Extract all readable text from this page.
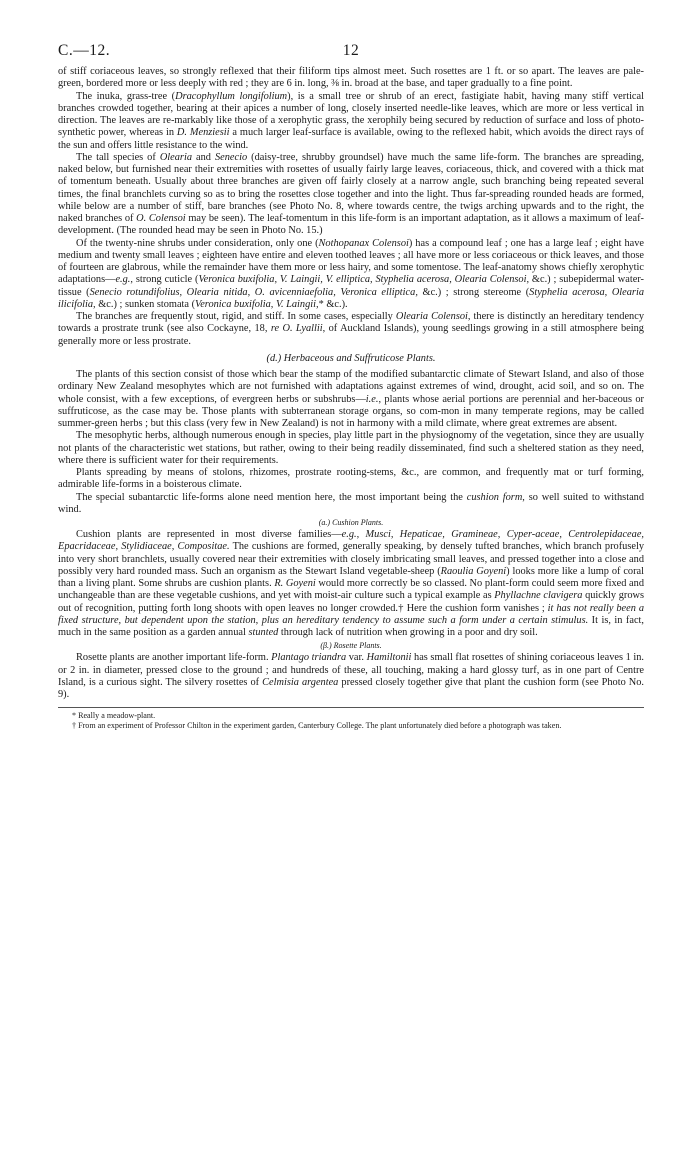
C.—12.	12

of stiff coriaceous leaves, so strongly reflexed that their filiform tips almost meet. Such rosettes are 1 ft. or so apart. The leaves are pale-green, bordered more or less deeply with red ; they are 6 in. long, ⅜ in. broad at the base, and taper gradually to a fine point.

The inuka, grass-tree (Dracophyllum longifolium), is a small tree or shrub of an erect, fastigiate habit, having many stiff vertical branches crowded together, bearing at their apices a number of long, closely inserted needle-like leaves, which are more or less vertical in direction. The leaves are re-markably like those of a xerophytic grass, the xerophily being secured by reduction of surface and loss of photo-synthetic power, whereas in D. Menziesii a much larger leaf-surface is available, owing to the reflexed habit, which avoids the direct rays of the sun and offers little resistance to the wind.

The tall species of Olearia and Senecio (daisy-tree, shrubby groundsel) have much the same life-form. The branches are spreading, naked below, but furnished near their extremities with rosettes of usually fairly large leaves, coriaceous, thick, and covered with a thick mat of tomentum beneath. Usually about three branches are given off fairly closely at a narrow angle, such branching being repeated several times, the final branchlets curving so as to bring the rosettes close together and into the light. Thus far-spreading rounded heads are formed, while below are a number of stiff, bare branches (see Photo No. 8, where towards centre, the twigs arching upwards and to the right, the naked branches of O. Colensoi may be seen). The leaf-tomentum in this life-form is an important adaptation, as it allows a maximum of leaf-development. (The rounded head may be seen in Photo No. 15.)

Of the twenty-nine shrubs under consideration, only one (Nothopanax Colensoi) has a compound leaf ; one has a large leaf ; eight have medium and twenty small leaves ; eighteen have entire and eleven toothed leaves ; all have more or less coriaceous or thick leaves, and those of fourteen are glabrous, while the remainder have them more or less hairy, and some tomentose. The leaf-anatomy shows chiefly xerophytic adaptations—e.g., strong cuticle (Veronica buxifolia, V. Laingii, V. elliptica, Styphelia acerosa, Olearia Colensoi, &c.) ; subepidermal water-tissue (Senecio rotundifolius, Olearia nitida, O. avicenniaefolia, Veronica elliptica, &c.) ; strong stereome (Styphelia acerosa, Olearia ilicifolia, &c.) ; sunken stomata (Veronica buxifolia, V. Laingii,* &c.).

The branches are frequently stout, rigid, and stiff. In some cases, especially Olearia Colensoi, there is distinctly an hereditary tendency towards a prostrate trunk (see also Cockayne, 18, re O. Lyallii, of Auckland Islands), young seedlings growing in a still atmosphere being generally more or less prostrate.

(d.) Herbaceous and Suffruticose Plants.

The plants of this section consist of those which bear the stamp of the modified subantarctic climate of Stewart Island, and also of those ordinary New Zealand mesophytes which are not furnished with adaptations against extremes of wind, drought, acid soil, and so on. The whole consist, with a few exceptions, of evergreen herbs or subshrubs—i.e., plants whose aerial portions are perennial and her-baceous or suffruticose, as the case may be. Those plants with subterranean storage organs, so com-mon in many temperate regions, may be called summer-green herbs ; but this class (very few in New Zealand) is not in harmony with a mild climate, where great extremes are absent.

The mesophytic herbs, although numerous enough in species, play little part in the physiognomy of the vegetation, since they are usually not plants of the characteristic wet stations, but rather, owing to their being readily disseminated, find such a sheltered station as they need, where there is sufficient water for their requirements.

Plants spreading by means of stolons, rhizomes, prostrate rooting-stems, &c., are common, and frequently mat or turf forming, admirable life-forms in a boisterous climate.

The special subantarctic life-forms alone need mention here, the most important being the cushion form, so well suited to withstand wind.

(a.) Cushion Plants.

Cushion plants are represented in most diverse families—e.g., Musci, Hepaticae, Gramineae, Cyper-aceae, Centrolepidaceae, Epacridaceae, Stylidiaceae, Compositae. The cushions are formed, generally speaking, by densely tufted branches, which branch profusely into very short branchlets, usually covered near their extremities with closely imbricating small leaves, and pressed together into a close and possibly very hard rounded mass. Such an organism as the Stewart Island vegetable-sheep (Raoulia Goyeni) looks more like a lump of coral than a living plant. Some shrubs are cushion plants. R. Goyeni would more correctly be so classed. No plant-form could seem more fixed and unchangeable than are these vegetable cushions, and yet with moist-air culture such a typical example as Phyllachne clavigera quickly grows out of recognition, putting forth long shoots with open leaves no longer crowded.† Here the cushion form vanishes ; it has not really been a fixed structure, but dependent upon the station, plus an hereditary tendency to assume such a form under a certain stimulus. It is, in fact, much in the same position as a garden annual stunted through lack of nutrition when growing in a poor and dry soil.

(β.) Rosette Plants.

Rosette plants are another important life-form. Plantago triandra var. Hamiltonii has small flat rosettes of shining coriaceous leaves 1 in. or 2 in. in diameter, pressed close to the ground ; and hundreds of these, all touching, making a hard glossy turf, as in one part of Centre Island, is a curious sight. The silvery rosettes of Celmisia argentea pressed closely together give that plant the cushion form (see Photo No. 9).

* Really a meadow-plant.
† From an experiment of Professor Chilton in the experiment garden, Canterbury College. The plant unfortunately died before a photograph was taken.
